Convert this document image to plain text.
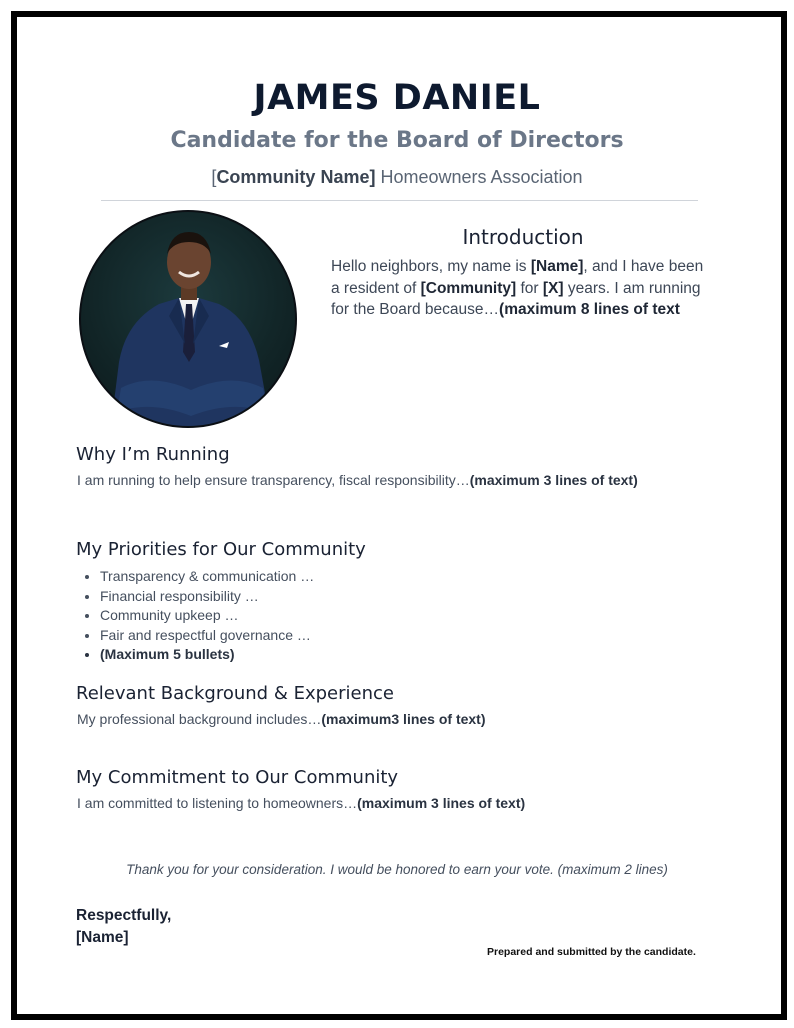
JAMES DANIEL
Candidate for the Board of Directors
[Community Name] Homeowners Association
Introduction
Hello neighbors, my name is [Name], and I have been a resident of [Community] for [X] years. I am running for the Board because…(maximum 8 lines of text
Why I’m Running
I am running to help ensure transparency, fiscal responsibility…(maximum 3 lines of text)
My Priorities for Our Community
• Transparency & communication …
• Financial responsibility …
• Community upkeep …
• Fair and respectful governance …
• (Maximum 5 bullets)
Relevant Background & Experience
My professional background includes…(maximum3 lines of text)
My Commitment to Our Community
I am committed to listening to homeowners…(maximum 3 lines of text)
Thank you for your consideration. I would be honored to earn your vote. (maximum 2 lines)
Respectfully,
[Name]
Prepared and submitted by the candidate.
